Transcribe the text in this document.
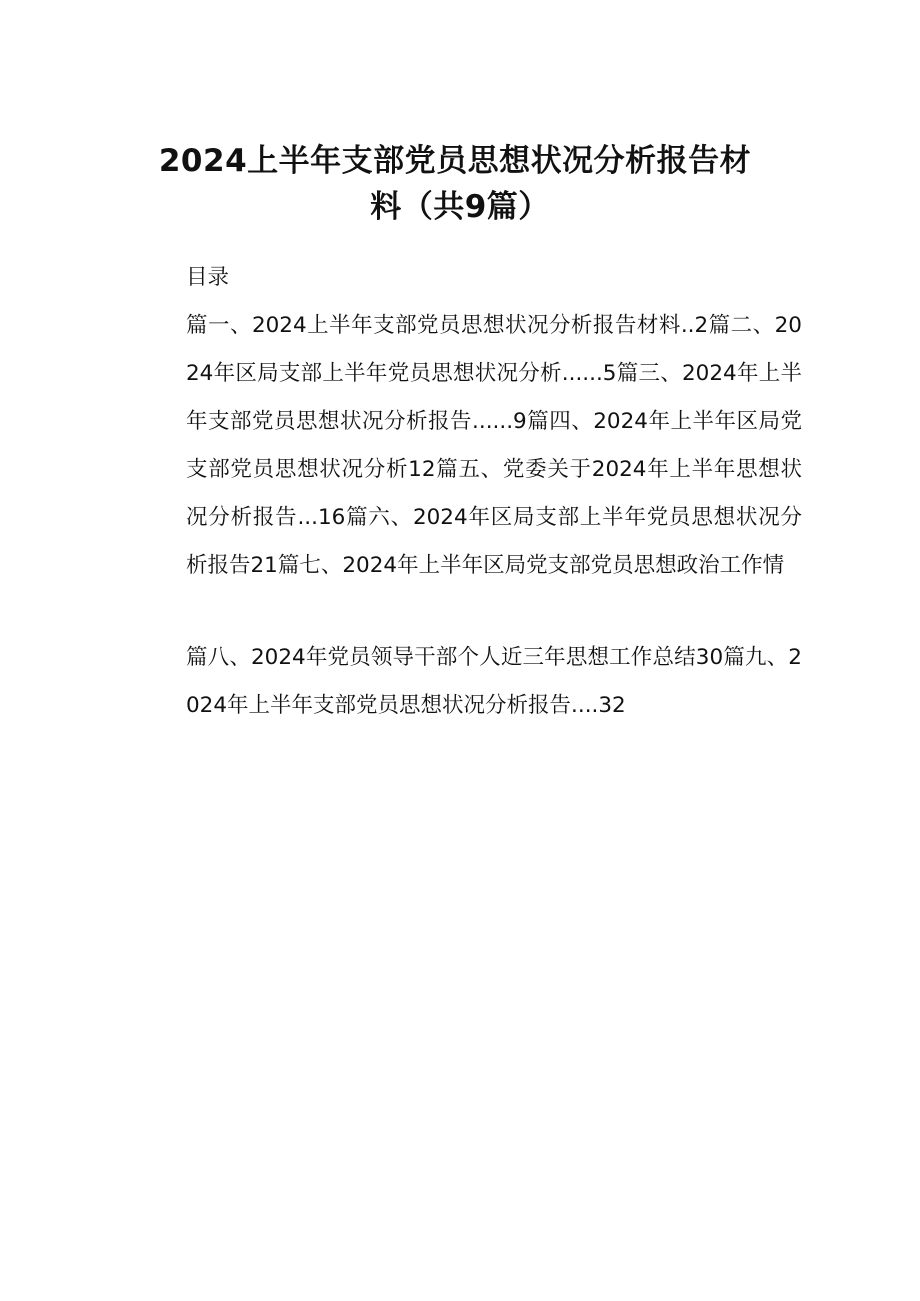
2024上半年支部党员思想状况分析报告材
料（共9篇）
目录
篇一、2024上半年支部党员思想状况分析报告材料..2篇二、2024年区局支部上半年党员思想状况分析......5篇三、2024年上半年支部党员思想状况分析报告......9篇四、2024年上半年区局党支部党员思想状况分析12篇五、党委关于2024年上半年思想状况分析报告...16篇六、2024年区局支部上半年党员思想状况分析报告21篇七、2024年上半年区局党支部党员思想政治工作情
篇八、2024年党员领导干部个人近三年思想工作总结30篇九、2024年上半年支部党员思想状况分析报告....32
